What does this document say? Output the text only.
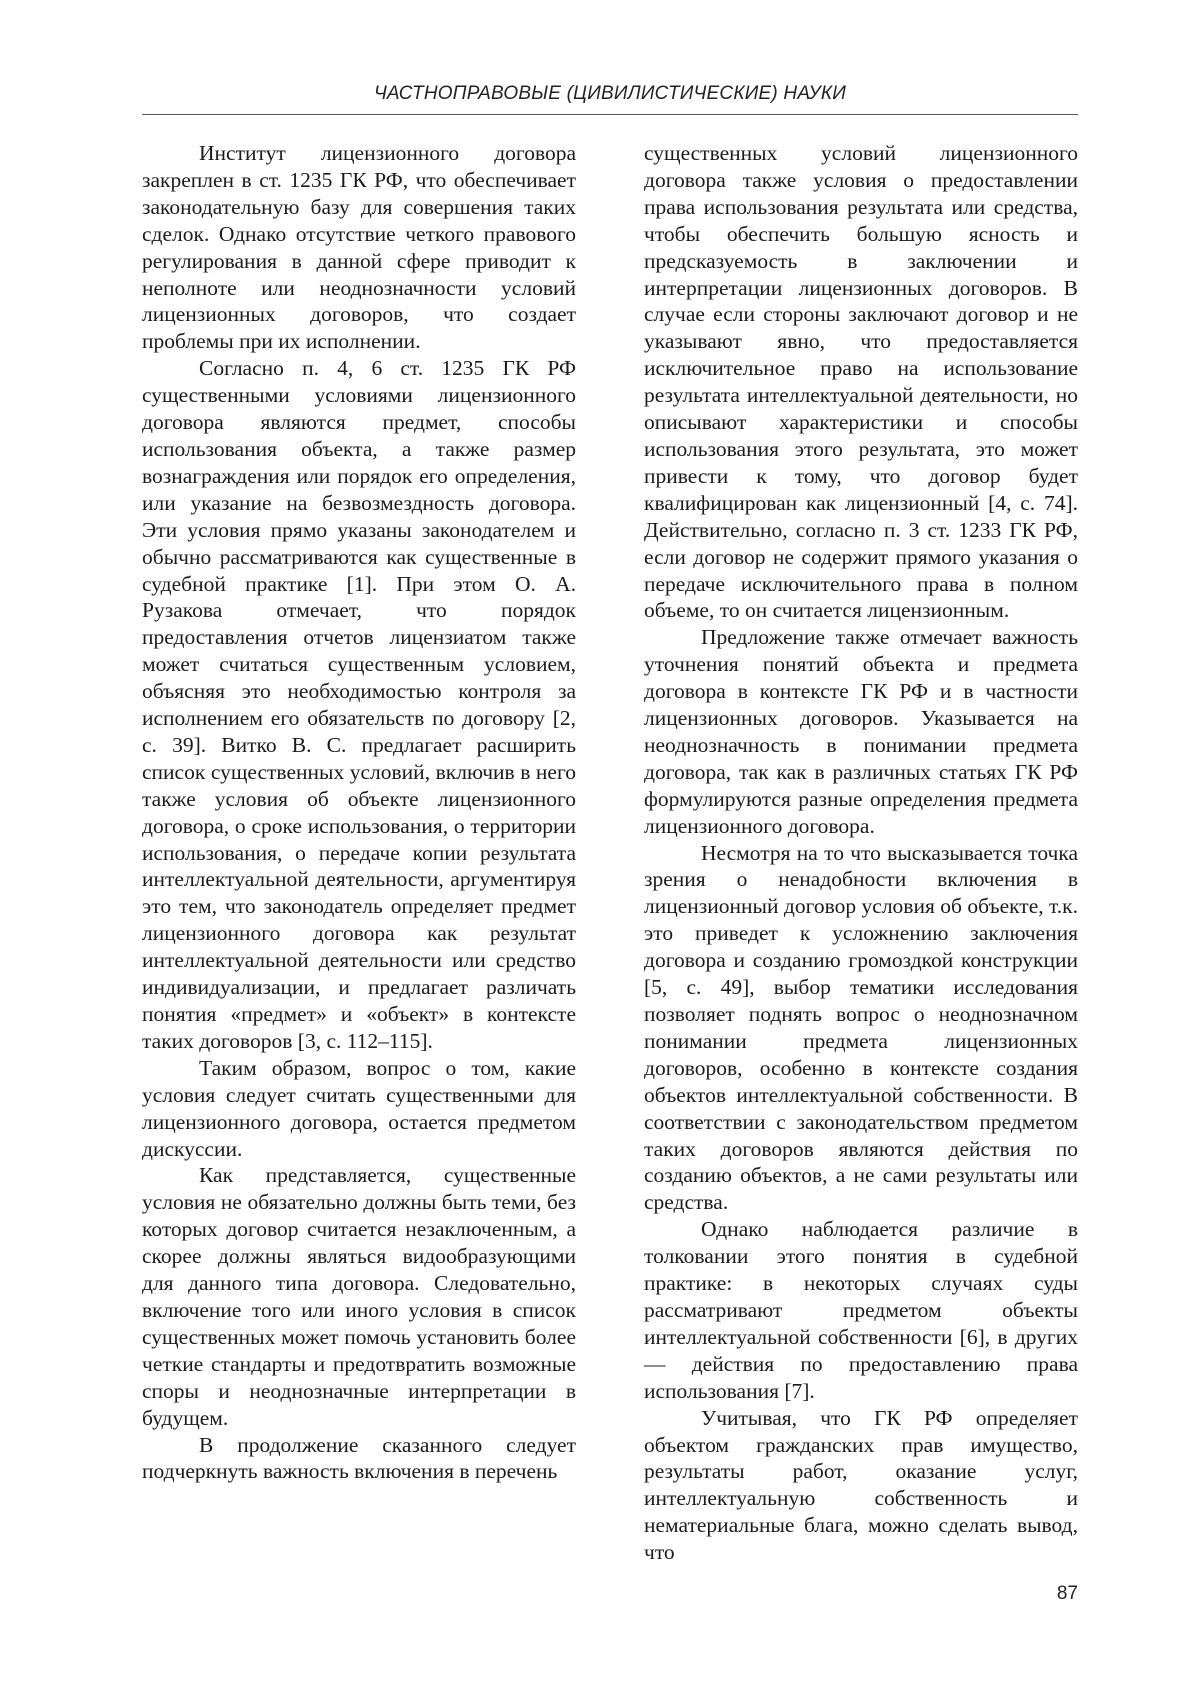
ЧАСТНОПРАВОВЫЕ (ЦИВИЛИСТИЧЕСКИЕ) НАУКИ

Институт лицензионного договора закреплен в ст. 1235 ГК РФ, что обеспечивает законодательную базу для совершения таких сделок. Однако отсутствие четкого правового регулирования в данной сфере приводит к неполноте или неоднозначности условий лицензионных договоров, что создает проблемы при их исполнении.

Согласно п. 4, 6 ст. 1235 ГК РФ существенными условиями лицензионного договора являются предмет, способы использования объекта, а также размер вознаграждения или порядок его определения, или указание на безвозмездность договора. Эти условия прямо указаны законодателем и обычно рассматриваются как существенные в судебной практике [1]. При этом О. А. Рузакова отмечает, что порядок предоставления отчетов лицензиатом также может считаться существенным условием, объясняя это необходимостью контроля за исполнением его обязательств по договору [2, с. 39]. Витко В. С. предлагает расширить список существенных условий, включив в него также условия об объекте лицензионного договора, о сроке использования, о территории использования, о передаче копии результата интеллектуальной деятельности, аргументируя это тем, что законодатель определяет предмет лицензионного договора как результат интеллектуальной деятельности или средство индивидуализации, и предлагает различать понятия «предмет» и «объект» в контексте таких договоров [3, с. 112–115].

Таким образом, вопрос о том, какие условия следует считать существенными для лицензионного договора, остается предметом дискуссии.

Как представляется, существенные условия не обязательно должны быть теми, без которых договор считается незаключенным, а скорее должны являться видообразующими для данного типа договора. Следовательно, включение того или иного условия в список существенных может помочь установить более четкие стандарты и предотвратить возможные споры и неоднозначные интерпретации в будущем.

В продолжение сказанного следует подчеркнуть важность включения в перечень

существенных условий лицензионного договора также условия о предоставлении права использования результата или средства, чтобы обеспечить большую ясность и предсказуемость в заключении и интерпретации лицензионных договоров. В случае если стороны заключают договор и не указывают явно, что предоставляется исключительное право на использование результата интеллектуальной деятельности, но описывают характеристики и способы использования этого результата, это может привести к тому, что договор будет квалифицирован как лицензионный [4, с. 74]. Действительно, согласно п. 3 ст. 1233 ГК РФ, если договор не содержит прямого указания о передаче исключительного права в полном объеме, то он считается лицензионным.

Предложение также отмечает важность уточнения понятий объекта и предмета договора в контексте ГК РФ и в частности лицензионных договоров. Указывается на неоднозначность в понимании предмета договора, так как в различных статьях ГК РФ формулируются разные определения предмета лицензионного договора.

Несмотря на то что высказывается точка зрения о ненадобности включения в лицензионный договор условия об объекте, т.к. это приведет к усложнению заключения договора и созданию громоздкой конструкции [5, с. 49], выбор тематики исследования позволяет поднять вопрос о неоднозначном понимании предмета лицензионных договоров, особенно в контексте создания объектов интеллектуальной собственности. В соответствии с законодательством предметом таких договоров являются действия по созданию объектов, а не сами результаты или средства.

Однако наблюдается различие в толковании этого понятия в судебной практике: в некоторых случаях суды рассматривают предметом объекты интеллектуальной собственности [6], в других — действия по предоставлению права использования [7].

Учитывая, что ГК РФ определяет объектом гражданских прав имущество, результаты работ, оказание услуг, интеллектуальную собственность и нематериальные блага, можно сделать вывод, что

87
